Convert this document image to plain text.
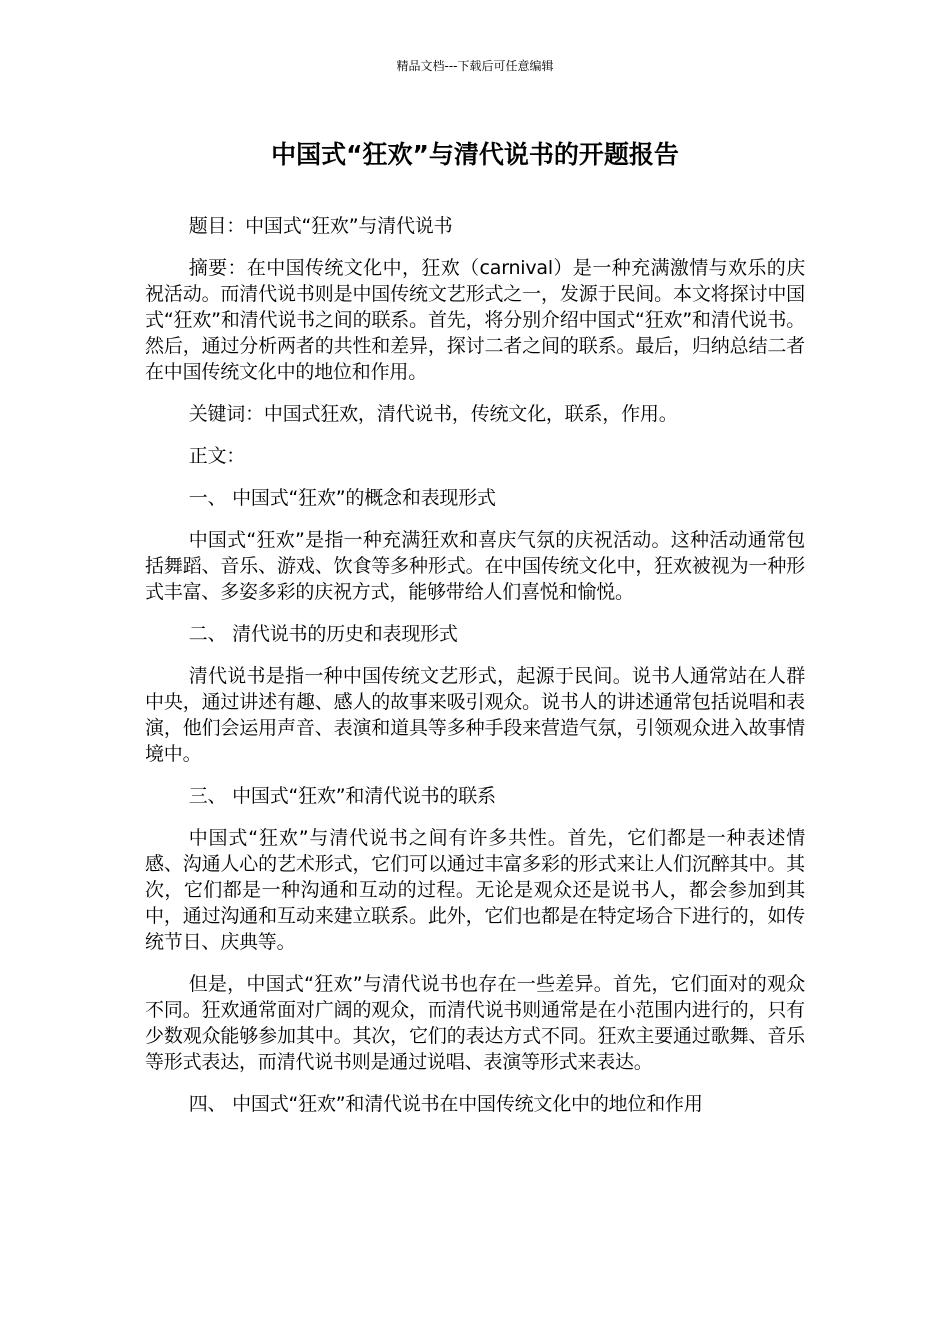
精品文档---下载后可任意编辑
中国式“狂欢”与清代说书的开题报告

题目：中国式“狂欢”与清代说书

摘要：在中国传统文化中，狂欢（carnival）是一种充满激情与欢乐的庆祝活动。而清代说书则是中国传统文艺形式之一，发源于民间。本文将探讨中国式“狂欢”和清代说书之间的联系。首先，将分别介绍中国式“狂欢”和清代说书。然后，通过分析两者的共性和差异，探讨二者之间的联系。最后，归纳总结二者在中国传统文化中的地位和作用。

关键词：中国式狂欢，清代说书，传统文化，联系，作用。

正文：

一、 中国式“狂欢”的概念和表现形式

中国式“狂欢”是指一种充满狂欢和喜庆气氛的庆祝活动。这种活动通常包括舞蹈、音乐、游戏、饮食等多种形式。在中国传统文化中，狂欢被视为一种形式丰富、多姿多彩的庆祝方式，能够带给人们喜悦和愉悦。

二、 清代说书的历史和表现形式

清代说书是指一种中国传统文艺形式，起源于民间。说书人通常站在人群中央，通过讲述有趣、感人的故事来吸引观众。说书人的讲述通常包括说唱和表演，他们会运用声音、表演和道具等多种手段来营造气氛，引领观众进入故事情境中。

三、 中国式“狂欢”和清代说书的联系

中国式“狂欢”与清代说书之间有许多共性。首先，它们都是一种表述情感、沟通人心的艺术形式，它们可以通过丰富多彩的形式来让人们沉醉其中。其次，它们都是一种沟通和互动的过程。无论是观众还是说书人，都会参加到其中，通过沟通和互动来建立联系。此外，它们也都是在特定场合下进行的，如传统节日、庆典等。

但是，中国式“狂欢”与清代说书也存在一些差异。首先，它们面对的观众不同。狂欢通常面对广阔的观众，而清代说书则通常是在小范围内进行的，只有少数观众能够参加其中。其次，它们的表达方式不同。狂欢主要通过歌舞、音乐等形式表达，而清代说书则是通过说唱、表演等形式来表达。

四、 中国式“狂欢”和清代说书在中国传统文化中的地位和作用
